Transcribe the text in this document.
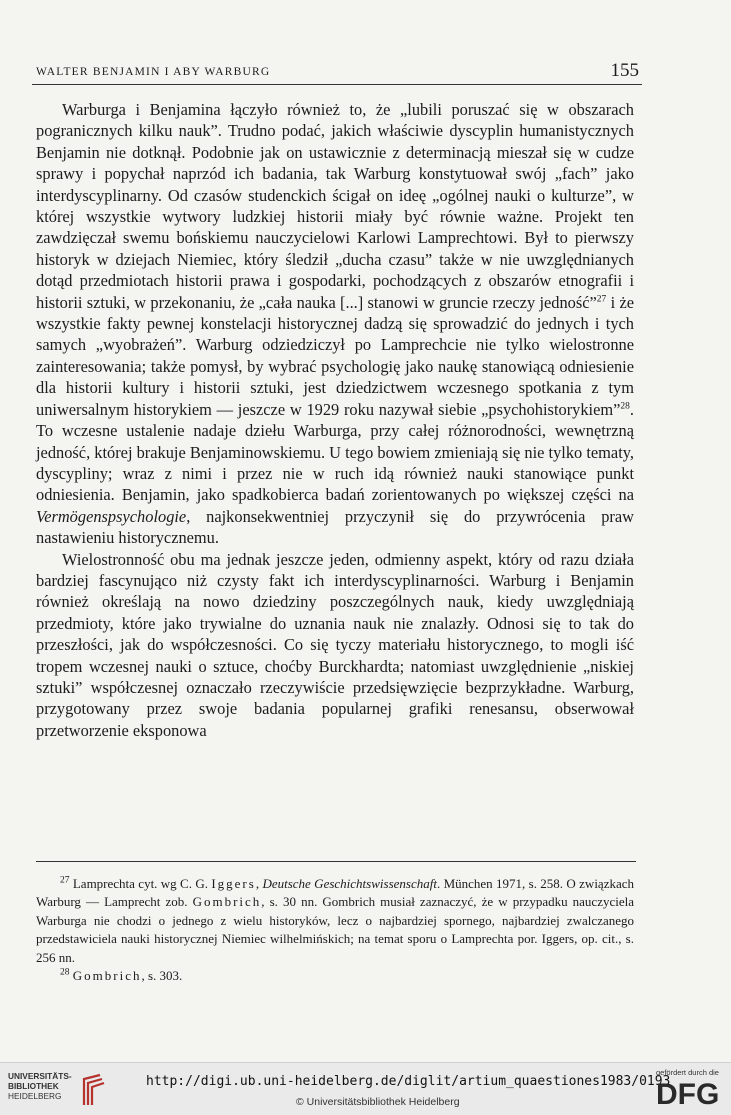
WALTER BENJAMIN I ABY WARBURG	155

Warburga i Benjamina łączyło również to, że „lubili poruszać się w obszarach pogranicznych kilku nauk”. Trudno podać, jakich właściwie dyscyplin humanistycznych Benjamin nie dotknął. Podobnie jak on ustawicznie z determinacją mieszał się w cudze sprawy i popychał naprzód ich badania, tak Warburg konstytuował swój „fach” jako interdyscyplinarny. Od czasów studenckich ścigał on ideę „ogólnej nauki o kulturze”, w której wszystkie wytwory ludzkiej historii miały być równie ważne. Projekt ten zawdzięczał swemu bońskiemu nauczycielowi Karlowi Lamprechtowi. Był to pierwszy historyk w dziejach Niemiec, który śledził „ducha czasu” także w nie uwzględnianych dotąd przedmiotach historii prawa i gospodarki, pochodzących z obszarów etnografii i historii sztuki, w przekonaniu, że „cała nauka [...] stanowi w gruncie rzeczy jedność”$^{27}$ i że wszystkie fakty pewnej konstelacji historycznej dadzą się sprowadzić do jednych i tych samych „wyobrażeń”. Warburg odziedziczył po Lamprechcie nie tylko wielostronne zainteresowania; także pomysł, by wybrać psychologię jako naukę stanowiącą odniesienie dla historii kultury i historii sztuki, jest dziedzictwem wczesnego spotkania z tym uniwersalnym historykiem — jeszcze w 1929 roku nazywał siebie „psychohistorykiem”$^{28}$. To wczesne ustalenie nadaje dziełu Warburga, przy całej różnorodności, wewnętrzną jedność, której brakuje Benjaminowskiemu. U tego bowiem zmieniają się nie tylko tematy, dyscypliny; wraz z nimi i przez nie w ruch idą również nauki stanowiące punkt odniesienia. Benjamin, jako spadkobierca badań zorientowanych po większej części na Vermögenspsychologie, najkonsekwentniej przyczynił się do przywrócenia praw nastawieniu historycznemu.

Wielostronność obu ma jednak jeszcze jeden, odmienny aspekt, który od razu działa bardziej fascynująco niż czysty fakt ich interdyscyplinarności. Warburg i Benjamin również określają na nowo dziedziny poszczególnych nauk, kiedy uwzględniają przedmioty, które jako trywialne do uznania nauk nie znalazły. Odnosi się to tak do przeszłości, jak do współczesności. Co się tyczy materiału historycznego, to mogli iść tropem wczesnej nauki o sztuce, choćby Burckhardta; natomiast uwzględnienie „niskiej sztuki” współczesnej oznaczało rzeczywiście przedsięwzięcie bezprzykładne. Warburg, przygotowany przez swoje badania popularnej grafiki renesansu, obserwował przetworzenie eksponowa

$^{27}$ Lamprechta cyt. wg C. G. Iggers, Deutsche Geschichtswissenschaft. München 1971, s. 258. O związkach Warburg — Lamprecht zob. Gombrich, s. 30 nn. Gombrich musiał zaznaczyć, że w przypadku nauczyciela Warburga nie chodzi o jednego z wielu historyków, lecz o najbardziej spornego, najbardziej zwalczanego przedstawiciela nauki historycznej Niemiec wilhelmińskich; na temat sporu o Lamprechta por. Iggers, op. cit., s. 256 nn.

$^{28}$ Gombrich, s. 303.

UNIVERSITÄTS-
BIBLIOTHEK
HEIDELBERG
http://digi.ub.uni-heidelberg.de/diglit/artium_quaestiones1983/0193
© Universitätsbibliothek Heidelberg
gefördert durch die
DFG
